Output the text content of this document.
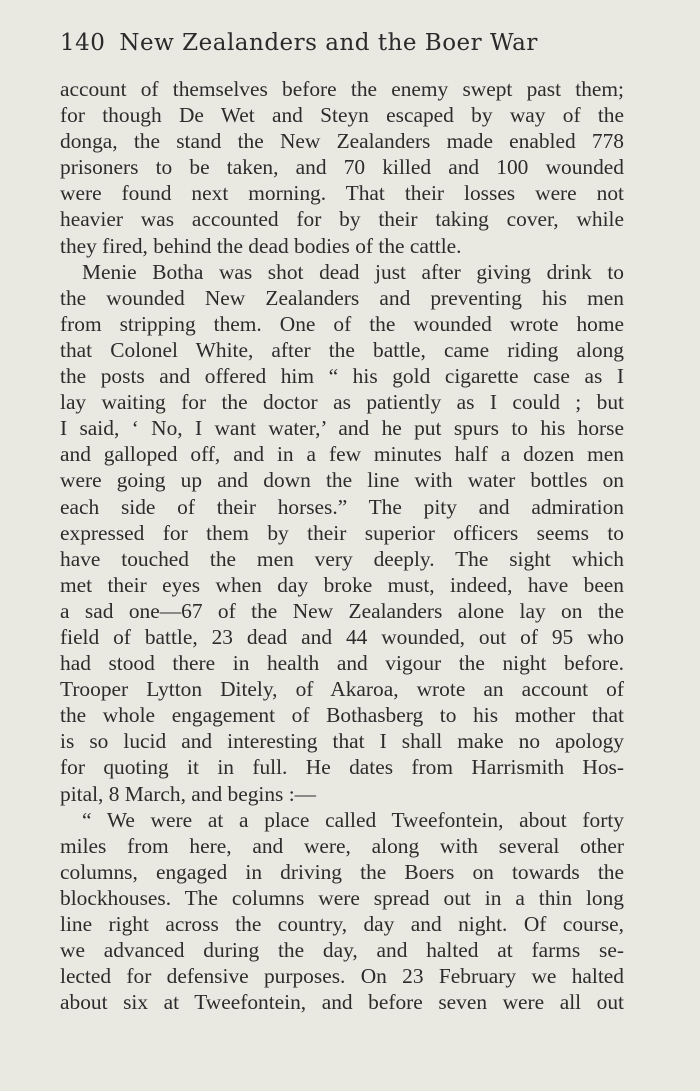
140 New Zealanders and the Boer War
account of themselves before the enemy swept past them;
for though De Wet and Steyn escaped by way of the
donga, the stand the New Zealanders made enabled 778
prisoners to be taken, and 70 killed and 100 wounded
were found next morning. That their losses were not
heavier was accounted for by their taking cover, while
they fired, behind the dead bodies of the cattle.
Menie Botha was shot dead just after giving drink to
the wounded New Zealanders and preventing his men
from stripping them. One of the wounded wrote home
that Colonel White, after the battle, came riding along
the posts and offered him “ his gold cigarette case as I
lay waiting for the doctor as patiently as I could ; but
I said, ‘ No, I want water,’ and he put spurs to his horse
and galloped off, and in a few minutes half a dozen men
were going up and down the line with water bottles on
each side of their horses.” The pity and admiration
expressed for them by their superior officers seems to
have touched the men very deeply. The sight which
met their eyes when day broke must, indeed, have been
a sad one—67 of the New Zealanders alone lay on the
field of battle, 23 dead and 44 wounded, out of 95 who
had stood there in health and vigour the night before.
Trooper Lytton Ditely, of Akaroa, wrote an account of
the whole engagement of Bothasberg to his mother that
is so lucid and interesting that I shall make no apology
for quoting it in full. He dates from Harrismith Hos-
pital, 8 March, and begins :—
“ We were at a place called Tweefontein, about forty
miles from here, and were, along with several other
columns, engaged in driving the Boers on towards the
blockhouses. The columns were spread out in a thin long
line right across the country, day and night. Of course,
we advanced during the day, and halted at farms se-
lected for defensive purposes. On 23 February we halted
about six at Tweefontein, and before seven were all out
